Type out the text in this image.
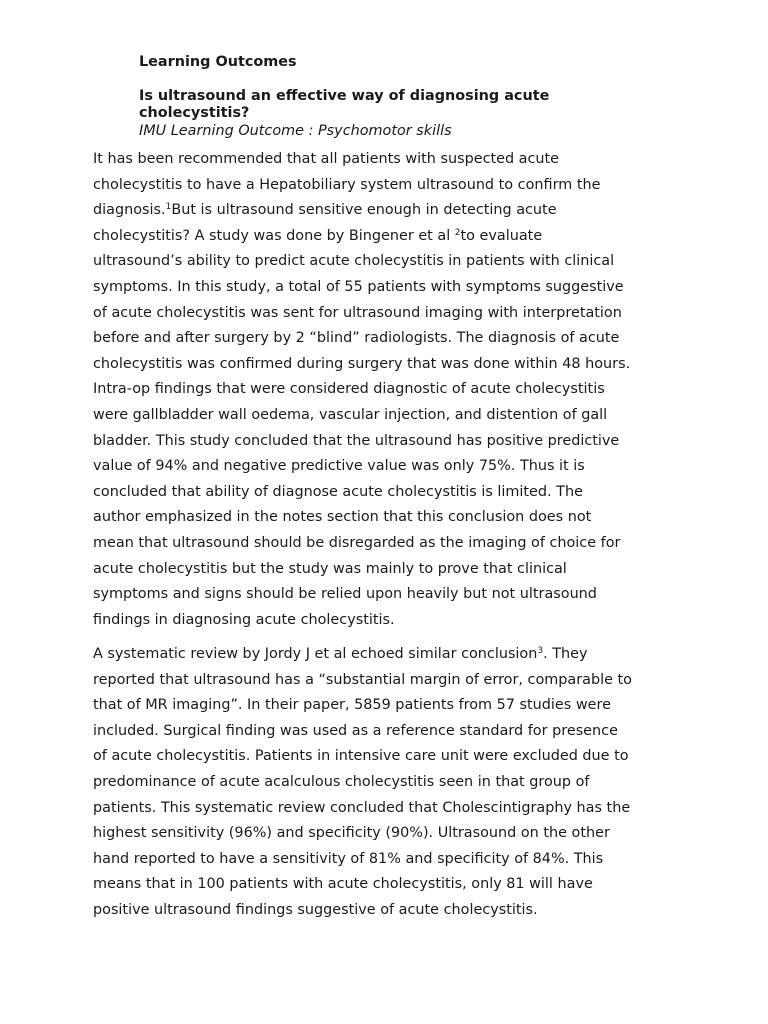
Learning Outcomes
Is ultrasound an effective way of diagnosing acute
cholecystitis?
IMU Learning Outcome : Psychomotor skills
It has been recommended that all patients with suspected acute
cholecystitis to have a Hepatobiliary system ultrasound to confirm the
diagnosis.$^1$But is ultrasound sensitive enough in detecting acute
cholecystitis? A study was done by Bingener et al $^2$to evaluate
ultrasound’s ability to predict acute cholecystitis in patients with clinical
symptoms. In this study, a total of 55 patients with symptoms suggestive
of acute cholecystitis was sent for ultrasound imaging with interpretation
before and after surgery by 2 “blind” radiologists. The diagnosis of acute
cholecystitis was confirmed during surgery that was done within 48 hours.
Intra-op findings that were considered diagnostic of acute cholecystitis
were gallbladder wall oedema, vascular injection, and distention of gall
bladder. This study concluded that the ultrasound has positive predictive
value of 94% and negative predictive value was only 75%. Thus it is
concluded that ability of diagnose acute cholecystitis is limited. The
author emphasized in the notes section that this conclusion does not
mean that ultrasound should be disregarded as the imaging of choice for
acute cholecystitis but the study was mainly to prove that clinical
symptoms and signs should be relied upon heavily but not ultrasound
findings in diagnosing acute cholecystitis.
A systematic review by Jordy J et al echoed similar conclusion$^3$. They
reported that ultrasound has a “substantial margin of error, comparable to
that of MR imaging”. In their paper, 5859 patients from 57 studies were
included. Surgical finding was used as a reference standard for presence
of acute cholecystitis. Patients in intensive care unit were excluded due to
predominance of acute acalculous cholecystitis seen in that group of
patients. This systematic review concluded that Cholescintigraphy has the
highest sensitivity (96%) and specificity (90%). Ultrasound on the other
hand reported to have a sensitivity of 81% and specificity of 84%. This
means that in 100 patients with acute cholecystitis, only 81 will have
positive ultrasound findings suggestive of acute cholecystitis.
